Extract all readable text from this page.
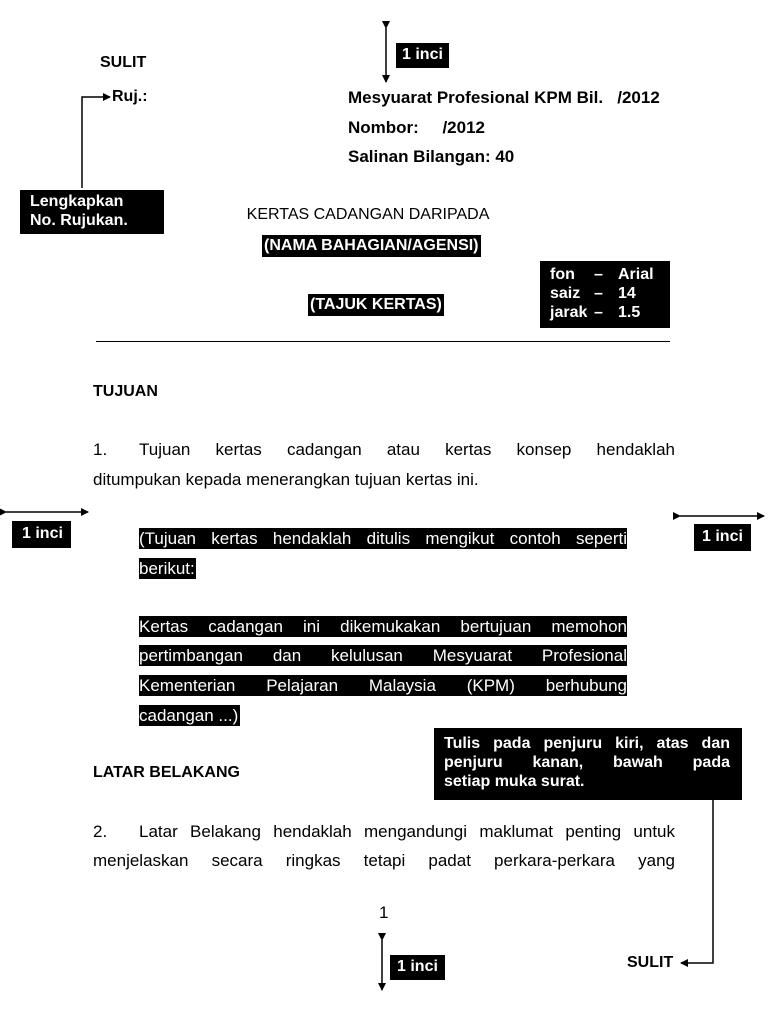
SULIT
Ruj.:	Mesyuarat Profesional KPM Bil.   /2012
Nombor:     /2012
Salinan Bilangan: 40
1 inci
Lengkapkan
No. Rujukan.	KERTAS CADANGAN DARIPADA
(NAMA BAHAGIAN/AGENSI)
(TAJUK KERTAS)
fon	– Arial
saiz – 14
jarak – 1.5
TUJUAN
1. Tujuan kertas cadangan atau kertas konsep hendaklah
ditumpukan kepada menerangkan tujuan kertas ini.
1 inci	1 inci
(Tujuan kertas hendaklah ditulis mengikut contoh seperti
berikut:
Kertas cadangan ini dikemukakan bertujuan memohon
pertimbangan dan kelulusan Mesyuarat Profesional
Kementerian Pelajaran Malaysia (KPM) berhubung
cadangan ...)
Tulis pada penjuru kiri, atas dan
penjuru kanan, bawah pada
setiap muka surat.
LATAR BELAKANG
2. Latar Belakang hendaklah mengandungi maklumat penting untuk
menjelaskan secara ringkas tetapi padat perkara-perkara yang
1
1 inci	SULIT
